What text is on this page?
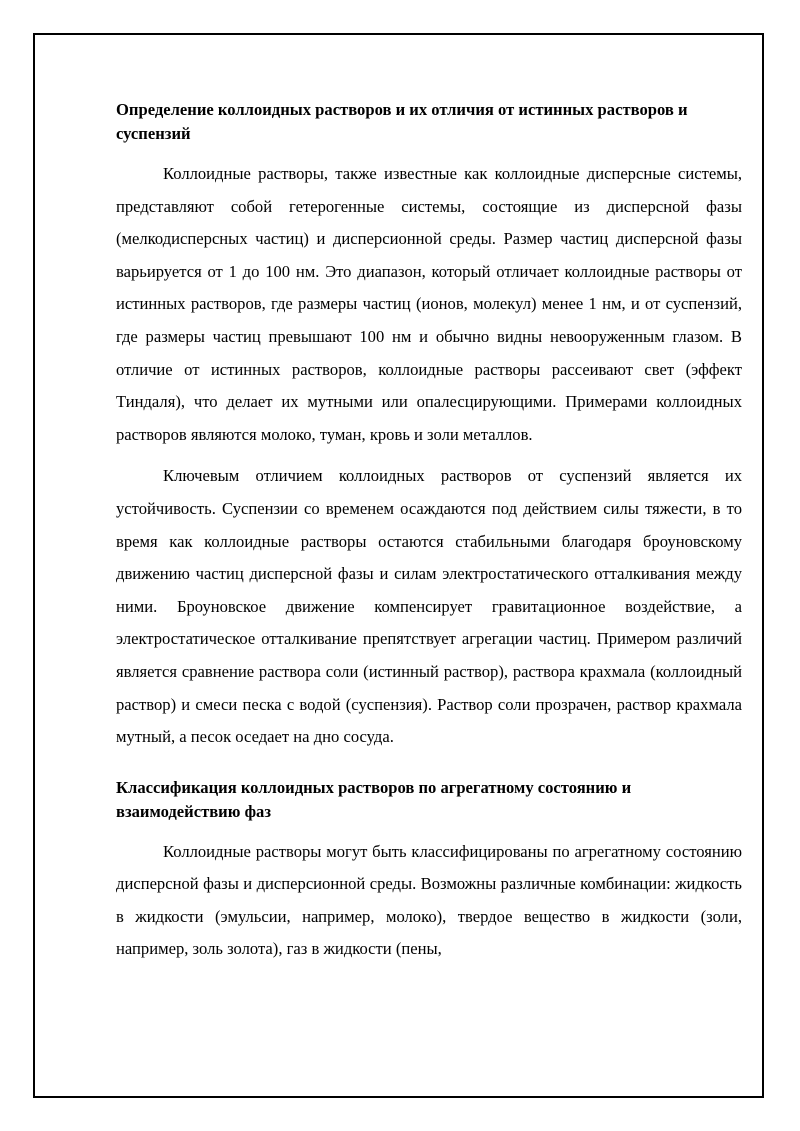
Определение коллоидных растворов и их отличия от истинных растворов и суспензий

Коллоидные растворы, также известные как коллоидные дисперсные системы, представляют собой гетерогенные системы, состоящие из дисперсной фазы (мелкодисперсных частиц) и дисперсионной среды. Размер частиц дисперсной фазы варьируется от 1 до 100 нм. Это диапазон, который отличает коллоидные растворы от истинных растворов, где размеры частиц (ионов, молекул) менее 1 нм, и от суспензий, где размеры частиц превышают 100 нм и обычно видны невооруженным глазом. В отличие от истинных растворов, коллоидные растворы рассеивают свет (эффект Тиндаля), что делает их мутными или опалесцирующими. Примерами коллоидных растворов являются молоко, туман, кровь и золи металлов.

Ключевым отличием коллоидных растворов от суспензий является их устойчивость. Суспензии со временем осаждаются под действием силы тяжести, в то время как коллоидные растворы остаются стабильными благодаря броуновскому движению частиц дисперсной фазы и силам электростатического отталкивания между ними. Броуновское движение компенсирует гравитационное воздействие, а электростатическое отталкивание препятствует агрегации частиц. Примером различий является сравнение раствора соли (истинный раствор), раствора крахмала (коллоидный раствор) и смеси песка с водой (суспензия). Раствор соли прозрачен, раствор крахмала мутный, а песок оседает на дно сосуда.

Классификация коллоидных растворов по агрегатному состоянию и взаимодействию фаз

Коллоидные растворы могут быть классифицированы по агрегатному состоянию дисперсной фазы и дисперсионной среды. Возможны различные комбинации: жидкость в жидкости (эмульсии, например, молоко), твердое вещество в жидкости (золи, например, золь золота), газ в жидкости (пены,
